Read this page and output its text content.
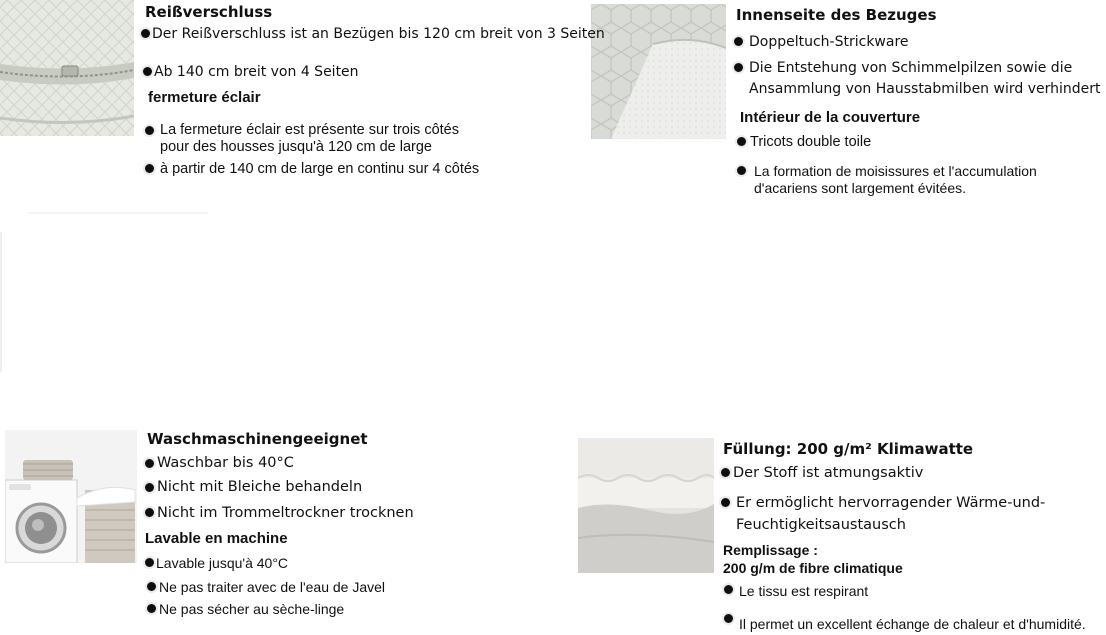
Reißverschluss
Der Reißverschluss ist an Bezügen bis 120 cm breit von 3 Seiten
Ab 140 cm breit von 4 Seiten
fermeture éclair
La fermeture éclair est présente sur trois côtés
pour des housses jusqu'à 120 cm de large
à partir de 140 cm de large en continu sur 4 côtés
Innenseite des Bezuges
Doppeltuch-Strickware
Die Entstehung von Schimmelpilzen sowie die
Ansammlung von Hausstabmilben wird verhindert
Intérieur de la couverture
Tricots double toile
La formation de moisissures et l'accumulation
d'acariens sont largement évitées.
Waschmaschinengeeignet
Waschbar bis 40°C
Nicht mit Bleiche behandeln
Nicht im Trommeltrockner trocknen
Lavable en machine
Lavable jusqu'à 40°C
Ne pas traiter avec de l'eau de Javel
Ne pas sécher au sèche-linge
Füllung: 200 g/m² Klimawatte
Der Stoff ist atmungsaktiv
Er ermöglicht hervorragender Wärme-und-
Feuchtigkeitsaustausch
Remplissage :
200 g/m de fibre climatique
Le tissu est respirant
Il permet un excellent échange de chaleur et d'humidité.
